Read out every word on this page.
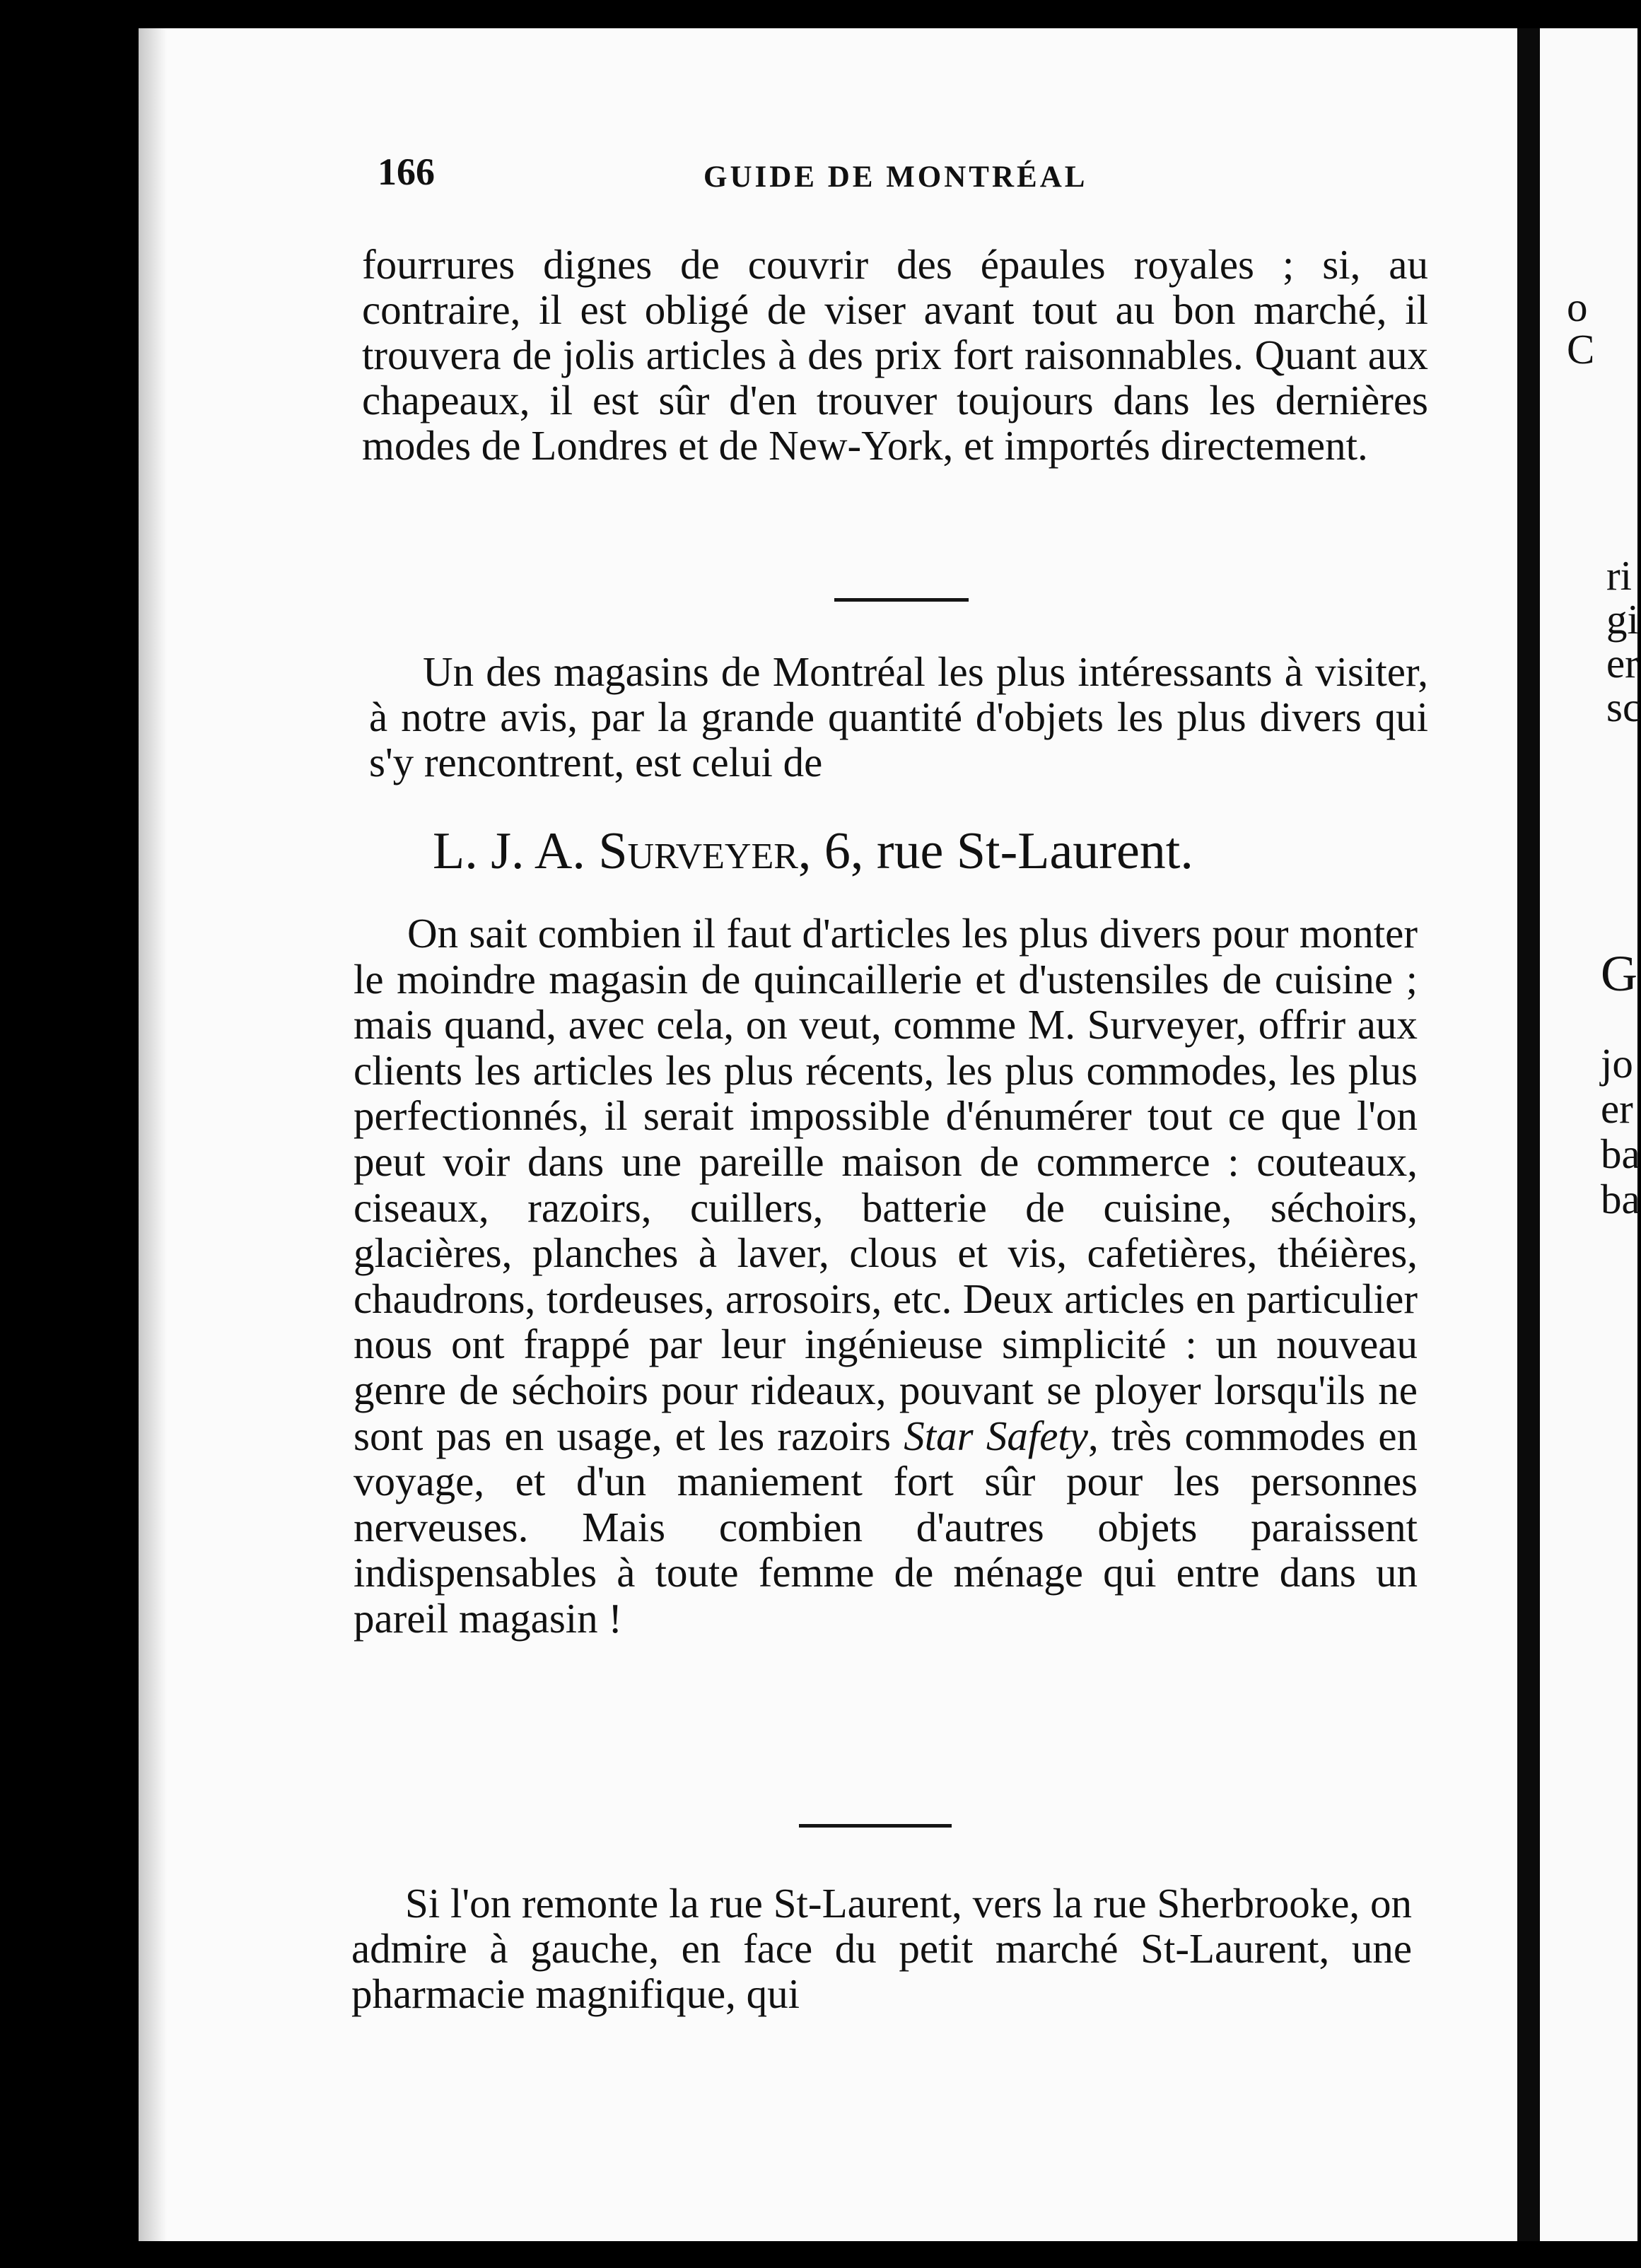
o
C
ri
gi
er
sc
G
jo
er
ba
ba
166	GUIDE DE MONTRÉAL

fourrures dignes de couvrir des épaules royales ; si, au contraire, il est obligé de viser avant tout au bon marché, il trouvera de jolis articles à des prix fort raisonnables. Quant aux chapeaux, il est sûr d'en trouver toujours dans les dernières modes de Londres et de New-York, et importés directement.

Un des magasins de Montréal les plus intéressants à visiter, à notre avis, par la grande quantité d'objets les plus divers qui s'y rencontrent, est celui de

L. J. A. Surveyer, 6, rue St-Laurent.

On sait combien il faut d'articles les plus divers pour monter le moindre magasin de quincaillerie et d'ustensiles de cuisine ; mais quand, avec cela, on veut, comme M. Surveyer, offrir aux clients les articles les plus récents, les plus commodes, les plus perfectionnés, il serait impossible d'énumérer tout ce que l'on peut voir dans une pareille maison de commerce : couteaux, ciseaux, razoirs, cuillers, batterie de cuisine, séchoirs, glacières, planches à laver, clous et vis, cafetières, théières, chaudrons, tordeuses, arrosoirs, etc. Deux articles en particulier nous ont frappé par leur ingénieuse simplicité : un nouveau genre de séchoirs pour rideaux, pouvant se ployer lorsqu'ils ne sont pas en usage, et les razoirs Star Safety, très commodes en voyage, et d'un maniement fort sûr pour les personnes nerveuses. Mais combien d'autres objets paraissent indispensables à toute femme de ménage qui entre dans un pareil magasin !

Si l'on remonte la rue St-Laurent, vers la rue Sherbrooke, on admire à gauche, en face du petit marché St-Laurent, une pharmacie magnifique, qui
